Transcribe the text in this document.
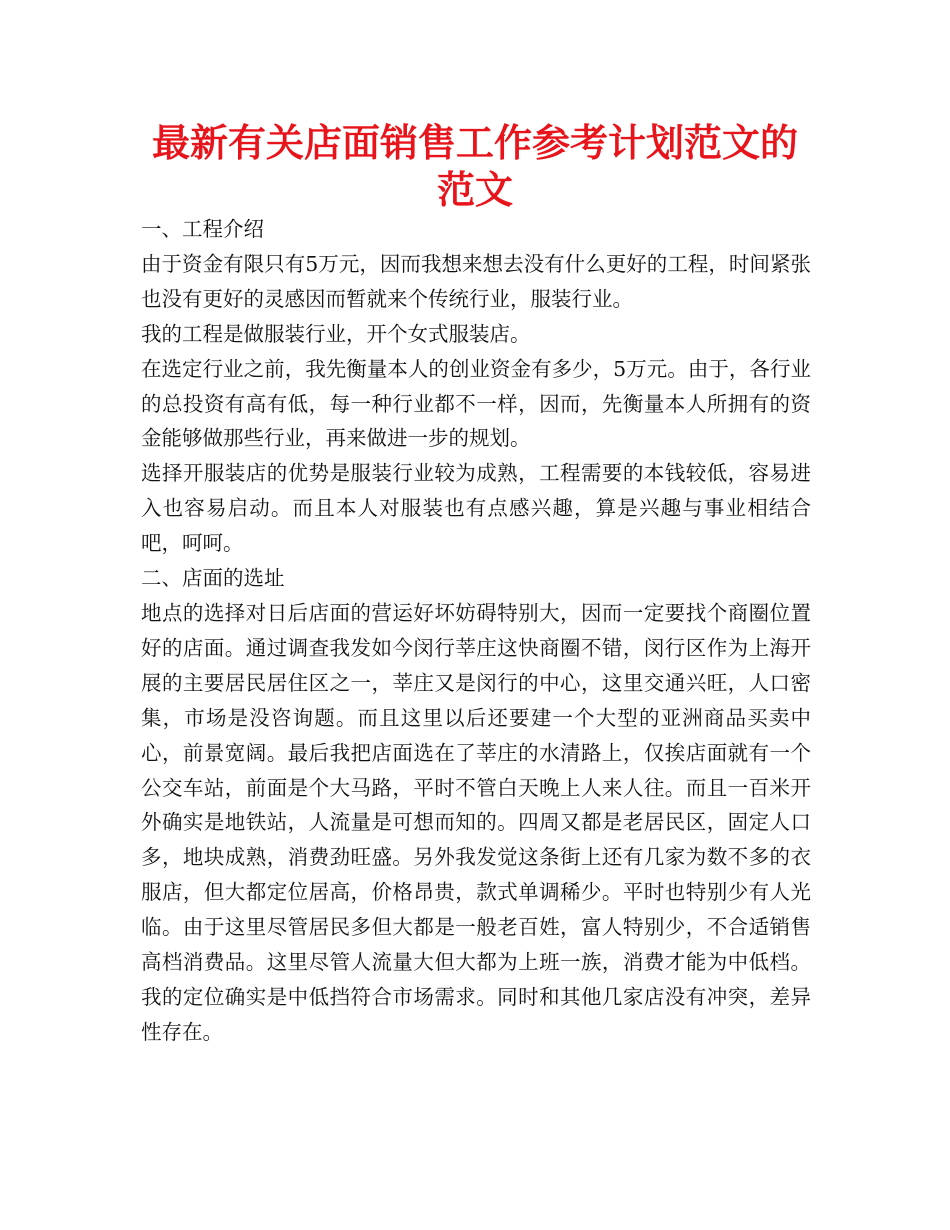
最新有关店面销售工作参考计划范文的范文

一、工程介绍

由于资金有限只有5万元，因而我想来想去没有什么更好的工程，时间紧张也没有更好的灵感因而暂就来个传统行业，服装行业。

我的工程是做服装行业，开个女式服装店。

在选定行业之前，我先衡量本人的创业资金有多少，5万元。由于，各行业的总投资有高有低，每一种行业都不一样，因而，先衡量本人所拥有的资金能够做那些行业，再来做进一步的规划。

选择开服装店的优势是服装行业较为成熟，工程需要的本钱较低，容易进入也容易启动。而且本人对服装也有点感兴趣，算是兴趣与事业相结合吧，呵呵。

二、店面的选址

地点的选择对日后店面的营运好坏妨碍特别大，因而一定要找个商圈位置好的店面。通过调查我发如今闵行莘庄这快商圈不错，闵行区作为上海开展的主要居民居住区之一，莘庄又是闵行的中心，这里交通兴旺，人口密集，市场是没咨询题。而且这里以后还要建一个大型的亚洲商品买卖中心，前景宽阔。最后我把店面选在了莘庄的水清路上，仅挨店面就有一个公交车站，前面是个大马路，平时不管白天晚上人来人往。而且一百米开外确实是地铁站，人流量是可想而知的。四周又都是老居民区，固定人口多，地块成熟，消费劲旺盛。另外我发觉这条街上还有几家为数不多的衣服店，但大都定位居高，价格昂贵，款式单调稀少。平时也特别少有人光临。由于这里尽管居民多但大都是一般老百姓，富人特别少，不合适销售高档消费品。这里尽管人流量大但大都为上班一族，消费才能为中低档。我的定位确实是中低挡符合市场需求。同时和其他几家店没有冲突，差异性存在。
